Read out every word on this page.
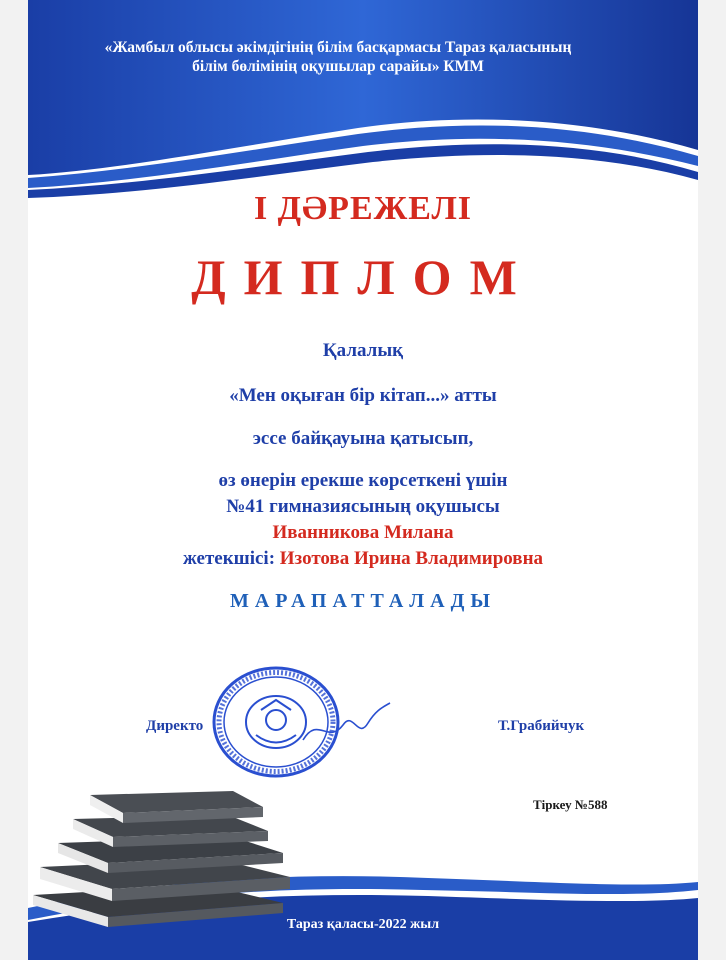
«Жамбыл облысы әкімдігінің білім басқармасы Тараз қаласының
білім бөлімінің оқушылар сарайы» КММ
І ДӘРЕЖЕЛІ
ДИПЛОМ
Қалалық
«Мен оқыған бір кітап...» атты
эссе байқауына қатысып,
өз өнерін ерекше көрсеткені үшін
№41 гимназиясының оқушысы
Иванникова Милана
жетекшісі: Изотова Ирина Владимировна
МАРАПАТТАЛАДЫ
Директо	Т.Грабийчук
Тіркеу №588
Тараз қаласы-2022 жыл
